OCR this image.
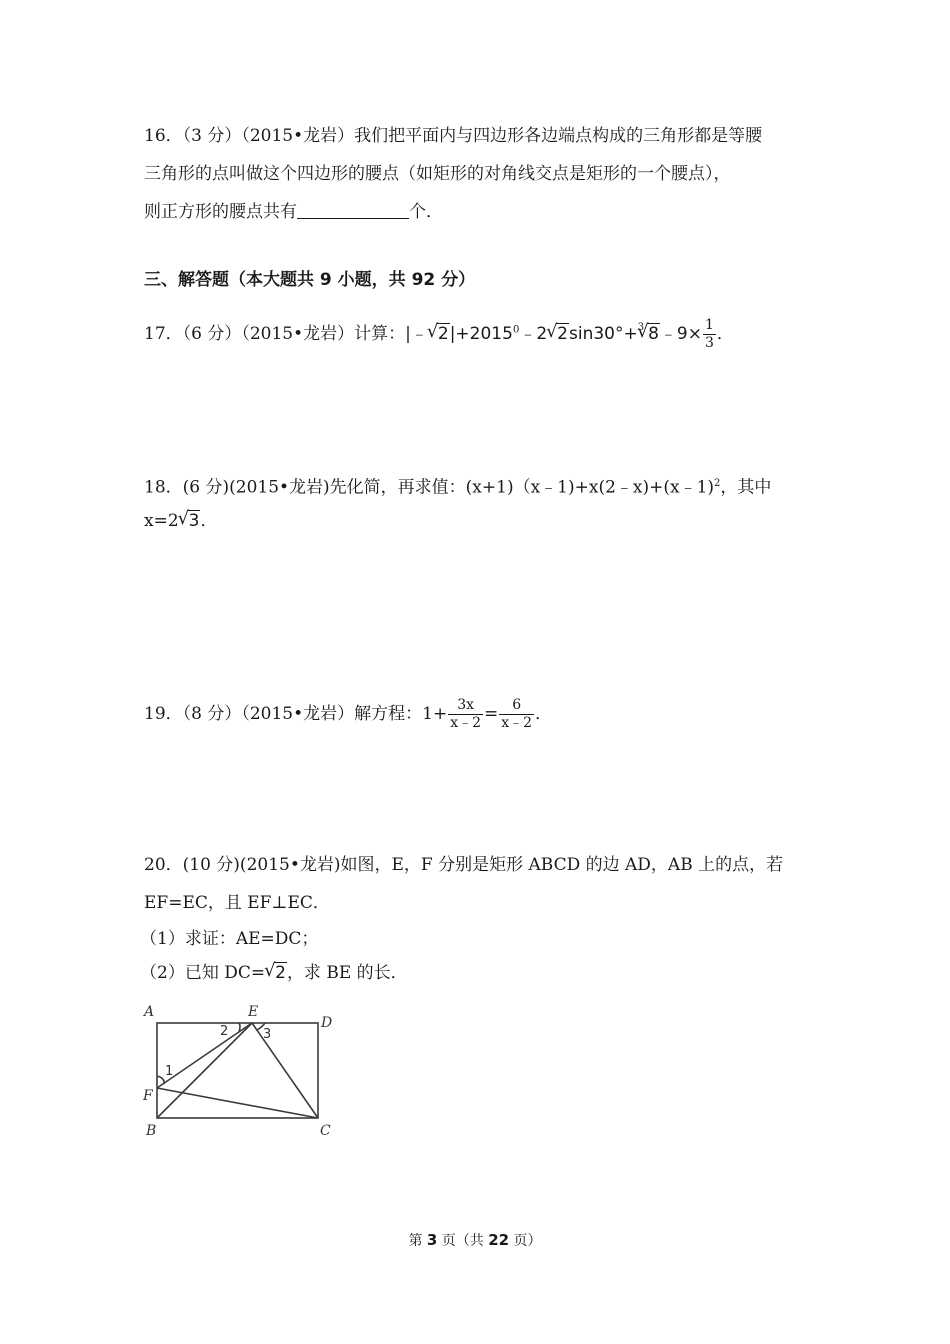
16．（3 分）（2015•龙岩）我们把平面内与四边形各边端点构成的三角形都是等腰
三角形的点叫做这个四边形的腰点（如矩形的对角线交点是矩形的一个腰点），
则正方形的腰点共有	个．
三、解答题（本大题共 9 小题，共 92 分）
17．（6 分）（2015•龙岩）计算：|﹣√ $2|+2015^0﹣2√$ 2sin30°+$^3$√ 8﹣9× $\frac{1}{3}$ ．
18．(6 分)(2015•龙岩)先化简，再求值：(x+1)（x﹣1)+x(2﹣x)+(x﹣1)$^2$，其中
x=2√ 3．
19．（8 分）（2015•龙岩）解方程：$1+ \frac{3x}{x﹣2} = \frac{6}{x﹣2}$ ．
20．(10 分)(2015•龙岩)如图，E，F 分别是矩形 ABCD 的边 AD，AB 上的点，若
EF=EC，且 EF⊥EC．
（1）求证：AE=DC；
（2）已知 DC=√ 2，求 BE 的长．
A	E
D
F
B	C
1
2	3
第 3 页（共 22 页）
